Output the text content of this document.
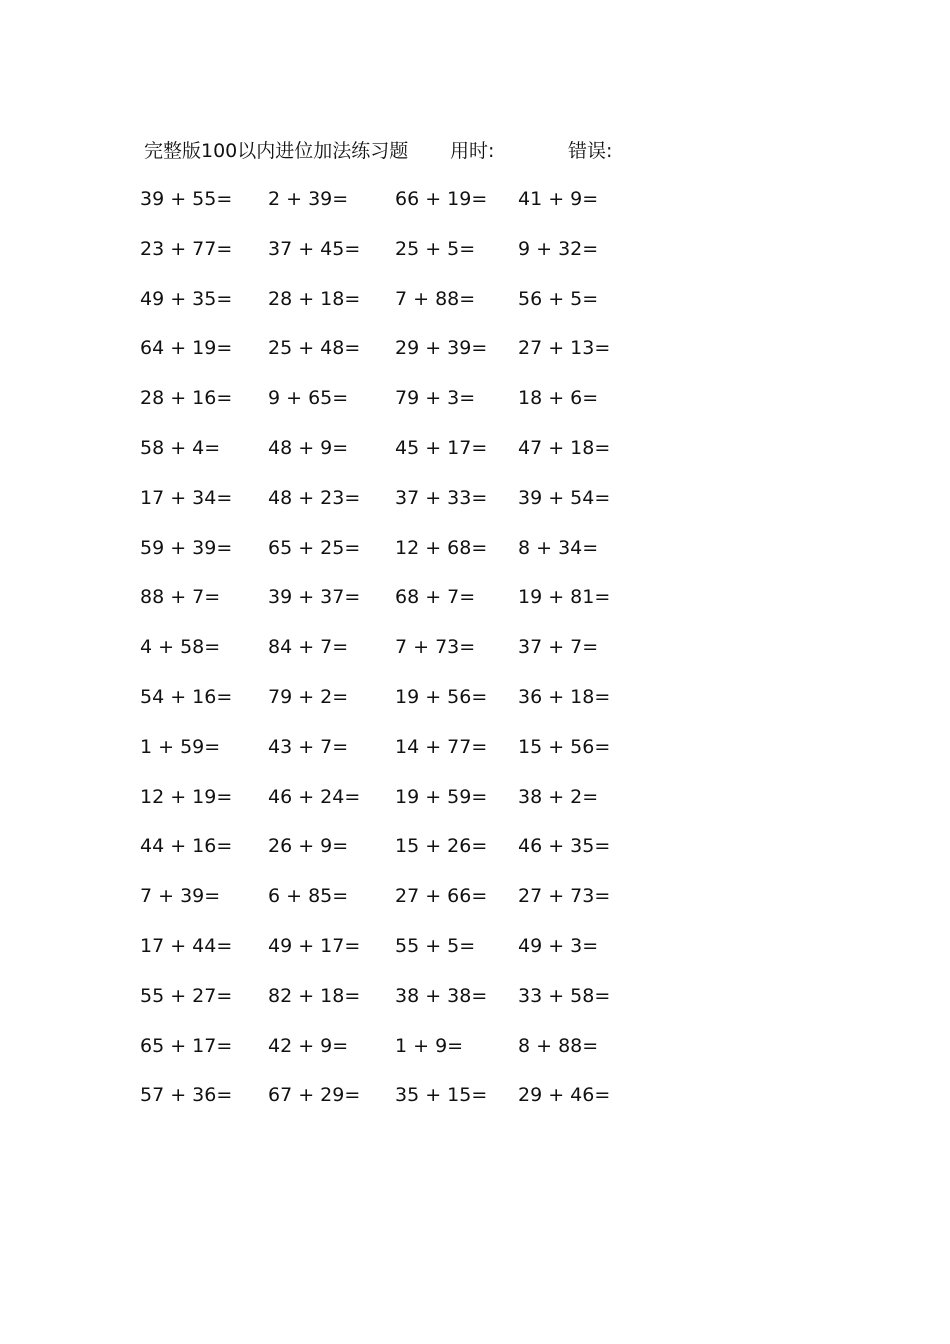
完整版100以内进位加法练习题 用时:	错误:
39 + 55=	2 + 39=	66 + 19=	41 + 9=
23 + 77=	37 + 45=	25 + 5=	9 + 32=
49 + 35=	28 + 18=	7 + 88=	56 + 5=
64 + 19=	25 + 48=	29 + 39=	27 + 13=
28 + 16=	9 + 65=	79 + 3=	18 + 6=
58 + 4=	48 + 9=	45 + 17=	47 + 18=
17 + 34=	48 + 23=	37 + 33=	39 + 54=
59 + 39=	65 + 25=	12 + 68=	8 + 34=
88 + 7=	39 + 37=	68 + 7=	19 + 81=
4 + 58=	84 + 7=	7 + 73=	37 + 7=
54 + 16=	79 + 2=	19 + 56=	36 + 18=
1 + 59=	43 + 7=	14 + 77=	15 + 56=
12 + 19=	46 + 24=	19 + 59=	38 + 2=
44 + 16=	26 + 9=	15 + 26=	46 + 35=
7 + 39=	6 + 85=	27 + 66=	27 + 73=
17 + 44=	49 + 17=	55 + 5=	49 + 3=
55 + 27=	82 + 18=	38 + 38=	33 + 58=
65 + 17=	42 + 9=	1 + 9=	8 + 88=
57 + 36=	67 + 29=	35 + 15=	29 + 46=
